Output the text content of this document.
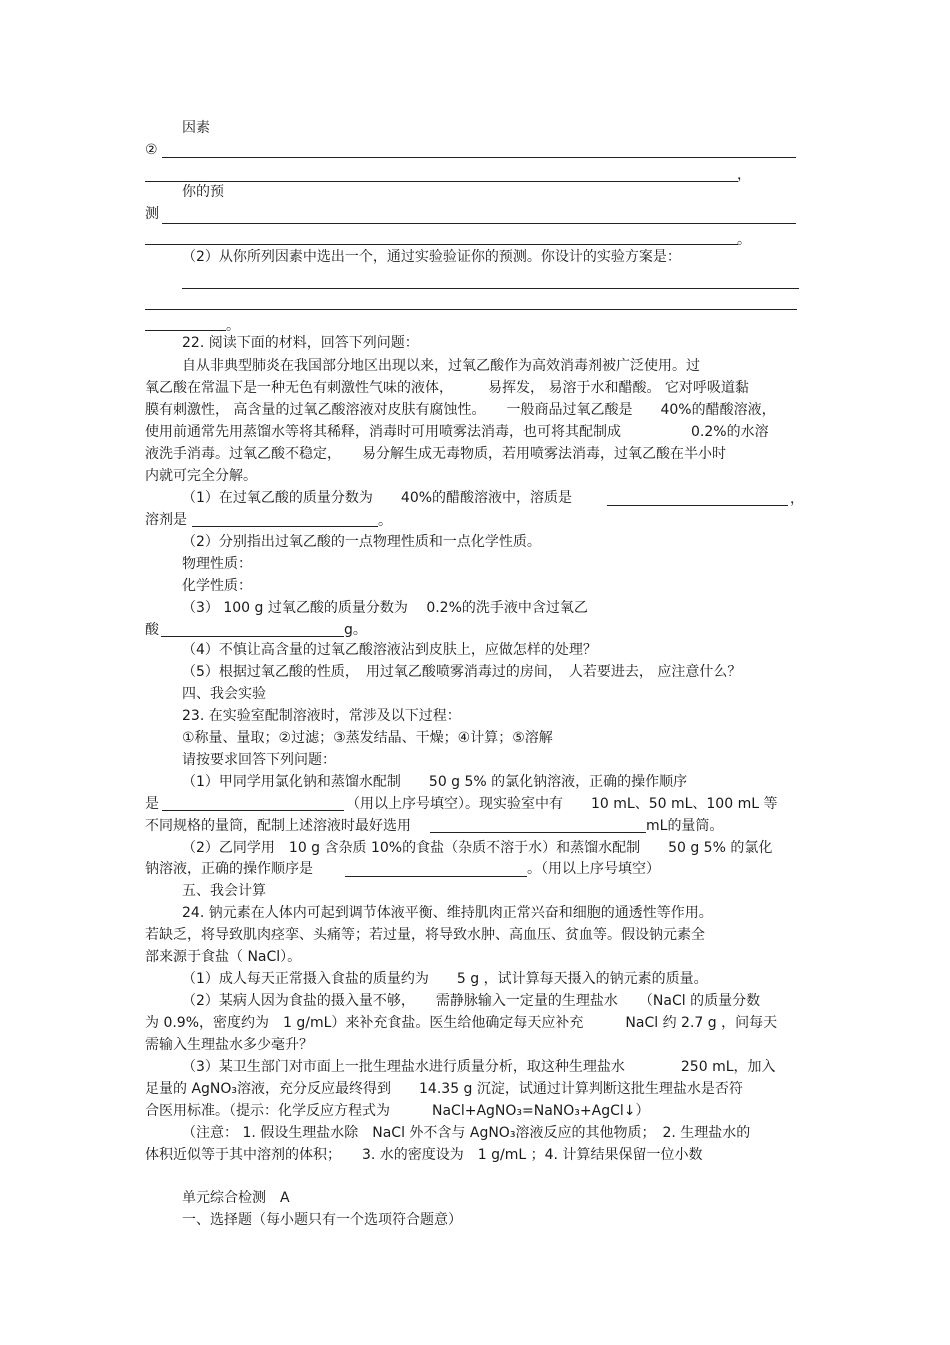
因素
②
，
你的预
测
。
（2）从你所列因素中选出一个，通过实验验证你的预测。你设计的实验方案是：
。
22. 阅读下面的材料，回答下列问题：
自从非典型肺炎在我国部分地区出现以来，过氧乙酸作为高效消毒剂被广泛使用。过
氧乙酸在常温下是一种无色有刺激性气味的液体，　　　易挥发， 易溶于水和醋酸。 它对呼吸道黏
膜有刺激性， 高含量的过氧乙酸溶液对皮肤有腐蚀性。　　一般商品过氧乙酸是　　40%的醋酸溶液，
使用前通常先用蒸馏水等将其稀释，消毒时可用喷雾法消毒，也可将其配制成　　　　　0.2%的水溶
液洗手消毒。过氧乙酸不稳定，　　易分解生成无毒物质，若用喷雾法消毒，过氧乙酸在半小时
内就可完全分解。
（1）在过氧乙酸的质量分数为　　40%的醋酸溶液中，溶质是	，
溶剂是	。
（2）分别指出过氧乙酸的一点物理性质和一点化学性质。
物理性质：
化学性质：
（3） 100 g 过氧乙酸的质量分数为　 0.2%的洗手液中含过氧乙
酸	g。
（4）不慎让高含量的过氧乙酸溶液沾到皮肤上，应做怎样的处理？
（5）根据过氧乙酸的性质，　用过氧乙酸喷雾消毒过的房间，　人若要进去， 应注意什么？
四、我会实验
23. 在实验室配制溶液时，常涉及以下过程：
①称量、量取；②过滤；③蒸发结晶、干燥；④计算；⑤溶解
请按要求回答下列问题：
（1）甲同学用氯化钠和蒸馏水配制　　50 g 5% 的氯化钠溶液，正确的操作顺序
是	（用以上序号填空）。现实验室中有　　10 mL、50 mL、100 mL 等
不同规格的量筒，配制上述溶液时最好选用	mL的量筒。
（2）乙同学用　10 g 含杂质 10%的食盐（杂质不溶于水）和蒸馏水配制　　50 g 5% 的氯化
钠溶液，正确的操作顺序是	。（用以上序号填空）
五、我会计算
24. 钠元素在人体内可起到调节体液平衡、维持肌肉正常兴奋和细胞的通透性等作用。
若缺乏，将导致肌肉痉挛、头痛等；若过量，将导致水肿、高血压、贫血等。假设钠元素全
部来源于食盐（ NaCl）。
（1）成人每天正常摄入食盐的质量约为　　5 g ，试计算每天摄入的钠元素的质量。
（2）某病人因为食盐的摄入量不够，　　需静脉输入一定量的生理盐水　　（NaCl 的质量分数
为 0.9%，密度约为　1 g/mL）来补充食盐。医生给他确定每天应补充　　　NaCl 约 2.7 g ，问每天
需输入生理盐水多少毫升？
（3）某卫生部门对市面上一批生理盐水进行质量分析，取这种生理盐水　　　　250 mL，加入
足量的 AgNO₃溶液，充分反应最终得到　　14.35 g 沉淀，试通过计算判断这批生理盐水是否符
合医用标准。（提示：化学反应方程式为　　　NaCl+AgNO₃=NaNO₃+AgCl↓）
（注意： 1. 假设生理盐水除　NaCl 外不含与 AgNO₃溶液反应的其他物质；　2. 生理盐水的
体积近似等于其中溶剂的体积；　　3. 水的密度设为　1 g/mL ；4. 计算结果保留一位小数
单元综合检测　A
一、选择题（每小题只有一个选项符合题意）
